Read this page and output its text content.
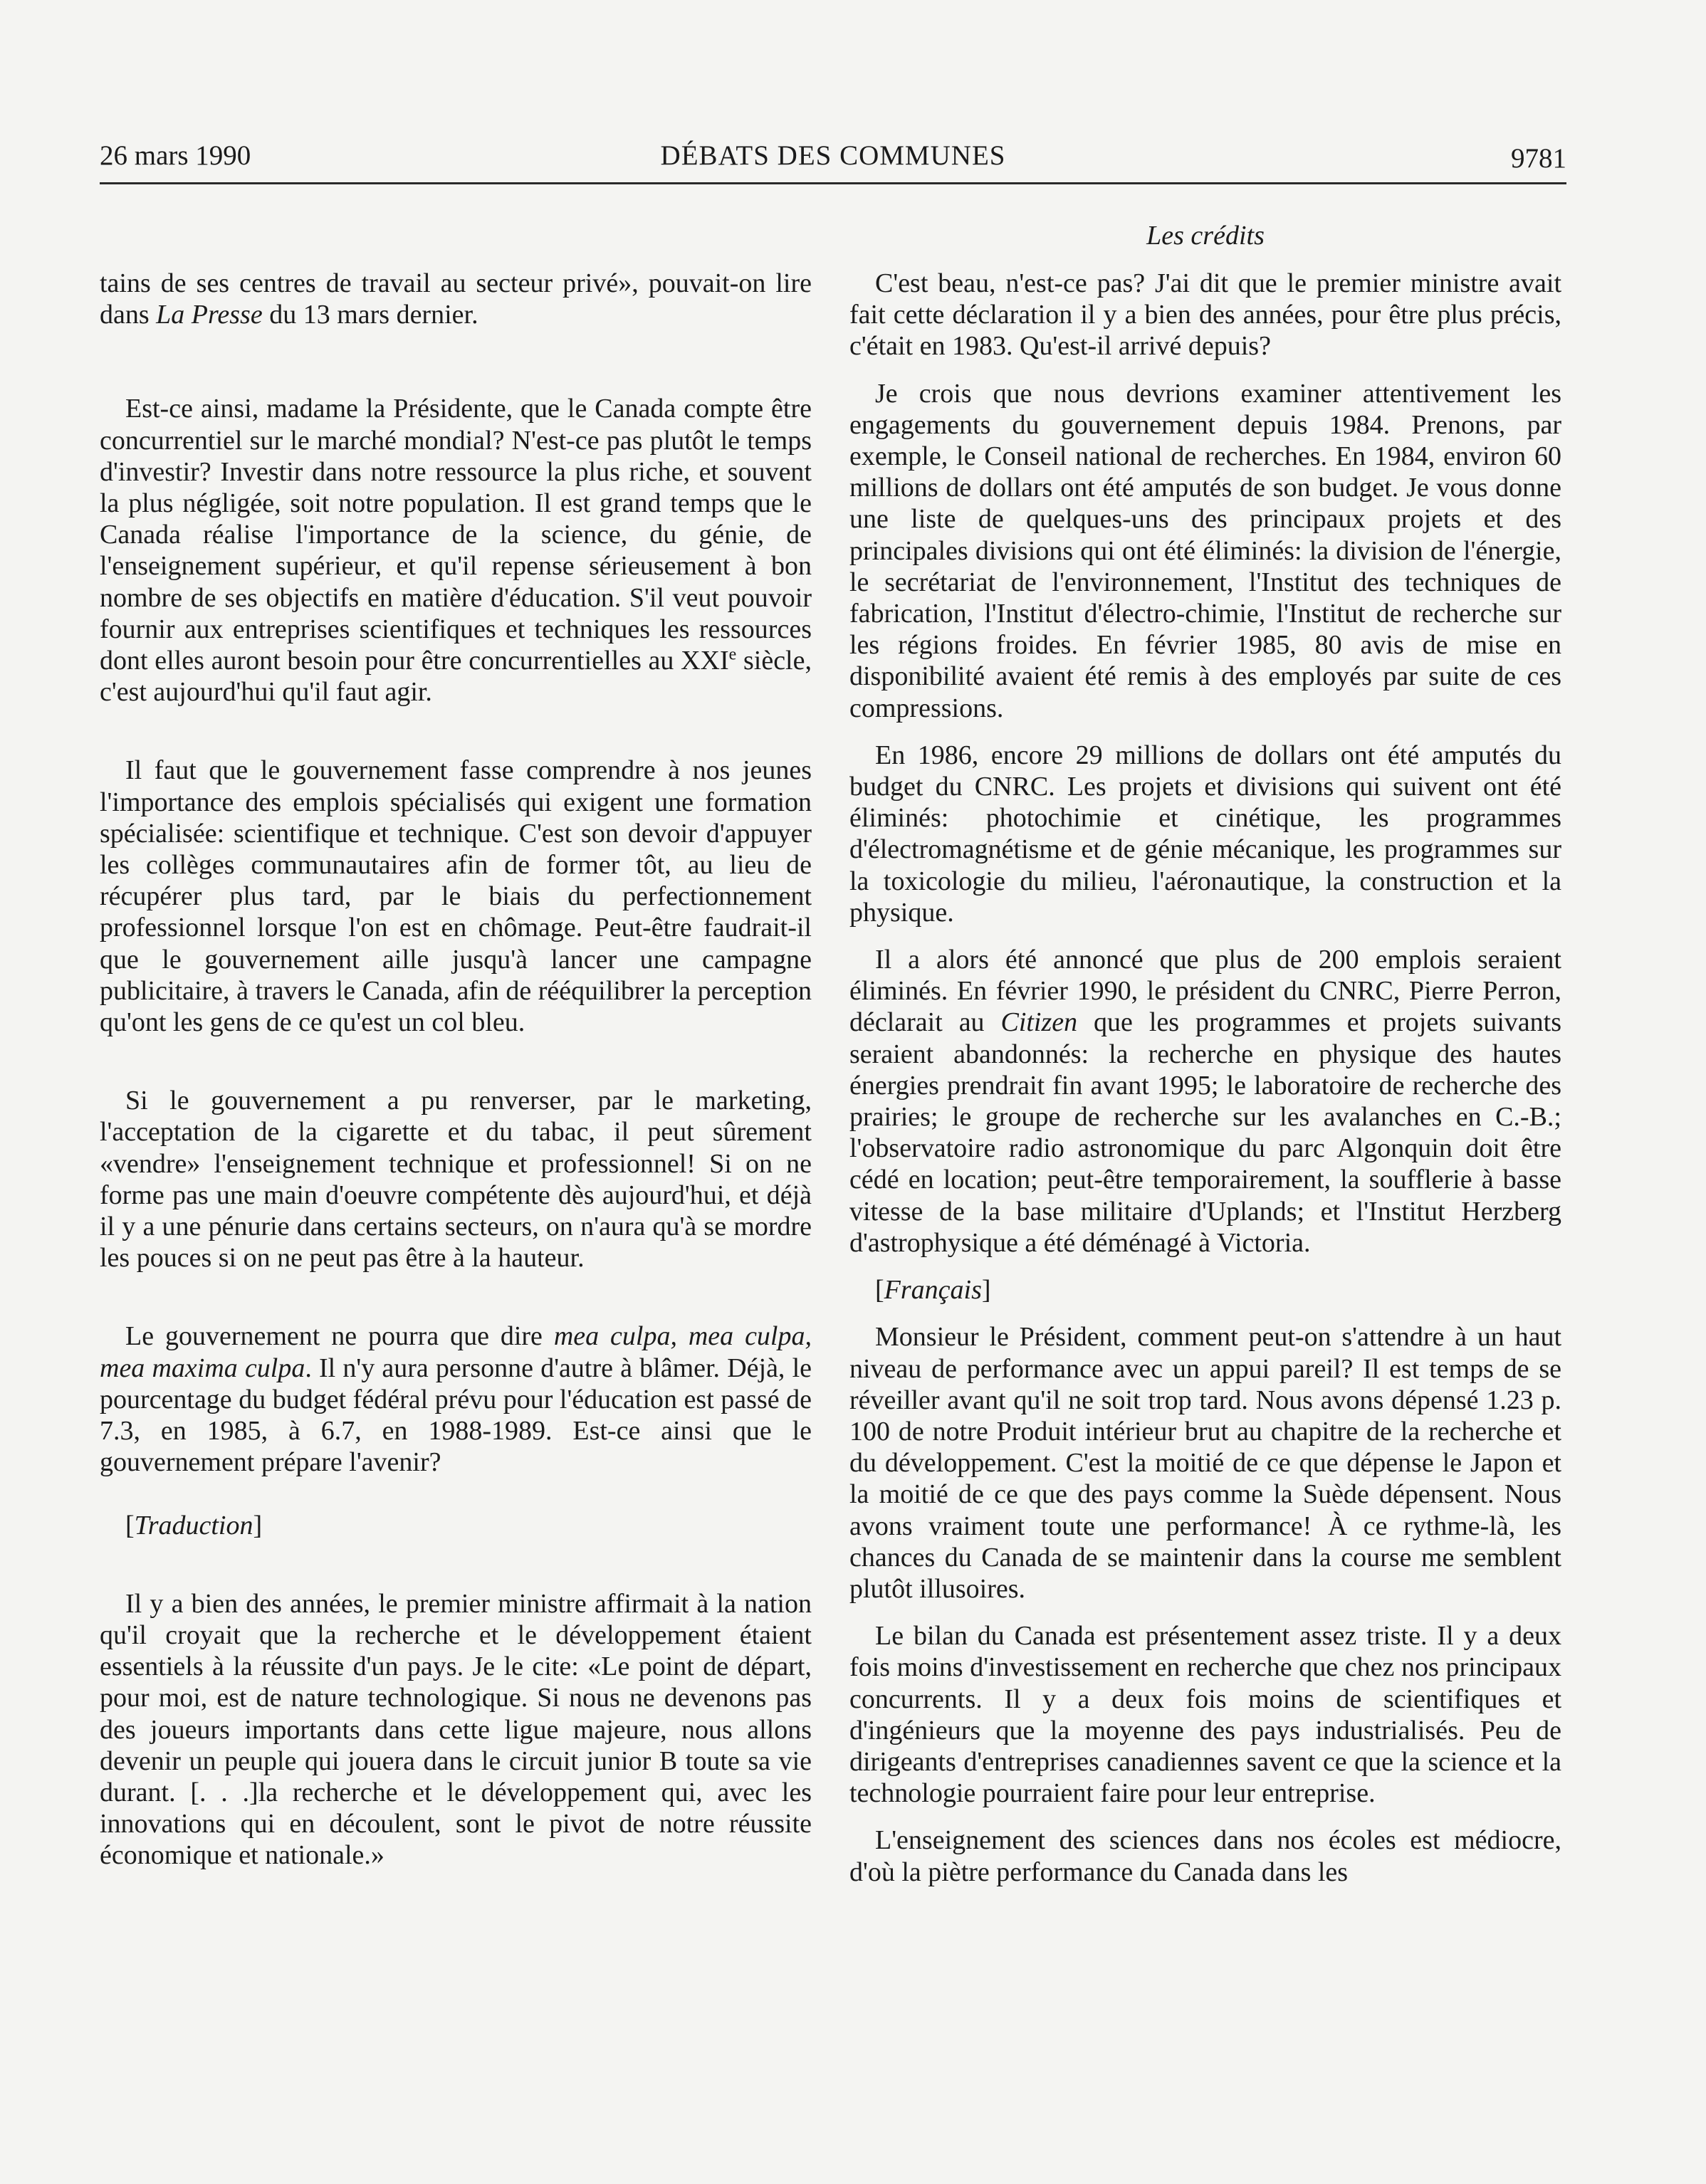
26 mars 1990	DÉBATS DES COMMUNES	9781
Les crédits

tains de ses centres de travail au secteur privé», pouvait-on lire dans La Presse du 13 mars dernier.

Est-ce ainsi, madame la Présidente, que le Canada compte être concurrentiel sur le marché mondial? N'est-ce pas plutôt le temps d'investir? Investir dans notre ressource la plus riche, et souvent la plus négligée, soit notre population. Il est grand temps que le Canada réalise l'importance de la science, du génie, de l'enseignement supérieur, et qu'il repense sérieusement à bon nombre de ses objectifs en matière d'éducation. S'il veut pouvoir fournir aux entreprises scientifiques et techniques les ressources dont elles auront besoin pour être concurrentielles au XXIe siècle, c'est aujourd'hui qu'il faut agir.

Il faut que le gouvernement fasse comprendre à nos jeunes l'importance des emplois spécialisés qui exigent une formation spécialisée: scientifique et technique. C'est son devoir d'appuyer les collèges communautaires afin de former tôt, au lieu de récupérer plus tard, par le biais du perfectionnement professionnel lorsque l'on est en chômage. Peut-être faudrait-il que le gouvernement aille jusqu'à lancer une campagne publicitaire, à travers le Canada, afin de rééquilibrer la perception qu'ont les gens de ce qu'est un col bleu.

Si le gouvernement a pu renverser, par le marketing, l'acceptation de la cigarette et du tabac, il peut sûrement «vendre» l'enseignement technique et professionnel! Si on ne forme pas une main d'oeuvre compétente dès aujourd'hui, et déjà il y a une pénurie dans certains secteurs, on n'aura qu'à se mordre les pouces si on ne peut pas être à la hauteur.

Le gouvernement ne pourra que dire mea culpa, mea culpa, mea maxima culpa. Il n'y aura personne d'autre à blâmer. Déjà, le pourcentage du budget fédéral prévu pour l'éducation est passé de 7.3, en 1985, à 6.7, en 1988-1989. Est-ce ainsi que le gouvernement prépare l'avenir?

[Traduction]

Il y a bien des années, le premier ministre affirmait à la nation qu'il croyait que la recherche et le développement étaient essentiels à la réussite d'un pays. Je le cite: «Le point de départ, pour moi, est de nature technologique. Si nous ne devenons pas des joueurs importants dans cette ligue majeure, nous allons devenir un peuple qui jouera dans le circuit junior B toute sa vie durant. [. . .]la recherche et le développement qui, avec les innovations qui en découlent, sont le pivot de notre réussite économique et nationale.»

C'est beau, n'est-ce pas? J'ai dit que le premier ministre avait fait cette déclaration il y a bien des années, pour être plus précis, c'était en 1983. Qu'est-il arrivé depuis?

Je crois que nous devrions examiner attentivement les engagements du gouvernement depuis 1984. Prenons, par exemple, le Conseil national de recherches. En 1984, environ 60 millions de dollars ont été amputés de son budget. Je vous donne une liste de quelques-uns des principaux projets et des principales divisions qui ont été éliminés: la division de l'énergie, le secrétariat de l'environnement, l'Institut des techniques de fabrication, l'Institut d'électro-chimie, l'Institut de recherche sur les régions froides. En février 1985, 80 avis de mise en disponibilité avaient été remis à des employés par suite de ces compressions.

En 1986, encore 29 millions de dollars ont été amputés du budget du CNRC. Les projets et divisions qui suivent ont été éliminés: photochimie et cinétique, les programmes d'électromagnétisme et de génie mécanique, les programmes sur la toxicologie du milieu, l'aéronautique, la construction et la physique.

Il a alors été annoncé que plus de 200 emplois seraient éliminés. En février 1990, le président du CNRC, Pierre Perron, déclarait au Citizen que les programmes et projets suivants seraient abandonnés: la recherche en physique des hautes énergies prendrait fin avant 1995; le laboratoire de recherche des prairies; le groupe de recherche sur les avalanches en C.-B.; l'observatoire radio astronomique du parc Algonquin doit être cédé en location; peut-être temporairement, la soufflerie à basse vitesse de la base militaire d'Uplands; et l'Institut Herzberg d'astrophysique a été déménagé à Victoria.

[Français]

Monsieur le Président, comment peut-on s'attendre à un haut niveau de performance avec un appui pareil? Il est temps de se réveiller avant qu'il ne soit trop tard. Nous avons dépensé 1.23 p. 100 de notre Produit intérieur brut au chapitre de la recherche et du développement. C'est la moitié de ce que dépense le Japon et la moitié de ce que des pays comme la Suède dépensent. Nous avons vraiment toute une performance! À ce rythme-là, les chances du Canada de se maintenir dans la course me semblent plutôt illusoires.

Le bilan du Canada est présentement assez triste. Il y a deux fois moins d'investissement en recherche que chez nos principaux concurrents. Il y a deux fois moins de scientifiques et d'ingénieurs que la moyenne des pays industrialisés. Peu de dirigeants d'entreprises canadiennes savent ce que la science et la technologie pourraient faire pour leur entreprise.

L'enseignement des sciences dans nos écoles est médiocre, d'où la piètre performance du Canada dans les
